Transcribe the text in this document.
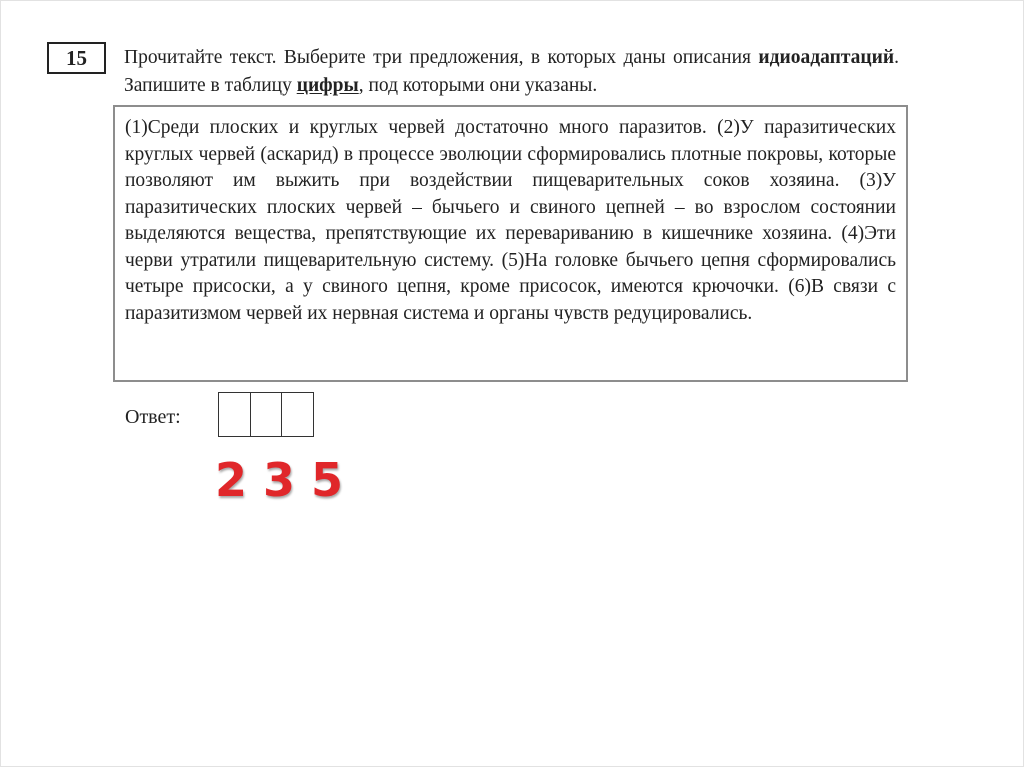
15	Прочитайте текст. Выберите три предложения, в которых даны описания идиоадаптаций. Запишите в таблицу цифры, под которыми они указаны.

(1)Среди плоских и круглых червей достаточно много паразитов. (2)У паразитических круглых червей (аскарид) в процессе эволюции сформировались плотные покровы, которые позволяют им выжить при воздействии пищеварительных соков хозяина. (3)У паразитических плоских червей – бычьего и свиного цепней – во взрослом состоянии выделяются вещества, препятствующие их перевариванию в кишечнике хозяина. (4)Эти черви утратили пищеварительную систему. (5)На головке бычьего цепня сформировались четыре присоски, а у свиного цепня, кроме присосок, имеются крючочки. (6)В связи с паразитизмом червей их нервная система и органы чувств редуцировались.

Ответ:
2 3 5
